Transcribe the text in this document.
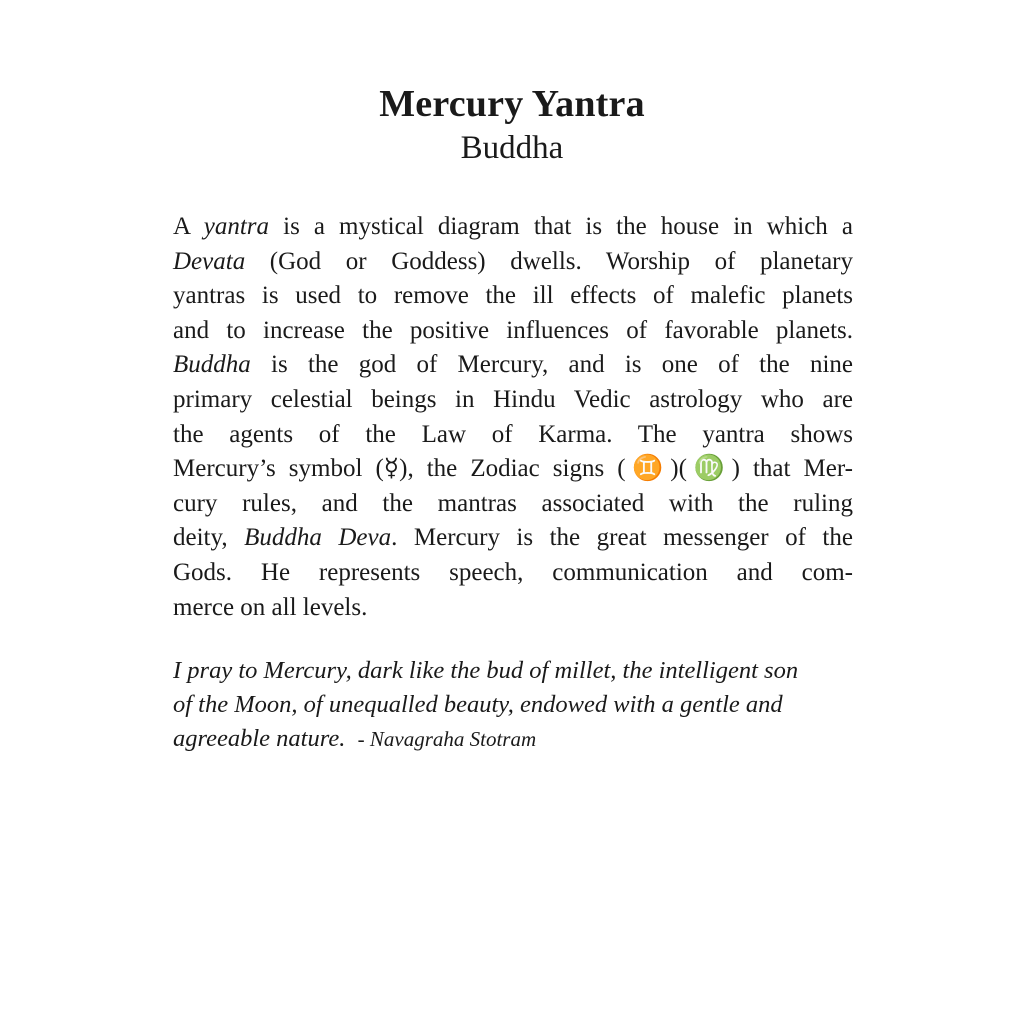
Mercury Yantra
Buddha
A yantra is a mystical diagram that is the house in which a
Devata (God or Goddess) dwells. Worship of planetary
yantras is used to remove the ill effects of malefic planets
and to increase the positive influences of favorable planets.
Buddha is the god of Mercury, and is one of the nine
primary celestial beings in Hindu Vedic astrology who are
the agents of the Law of Karma. The yantra shows
Mercury’s symbol (☿), the Zodiac signs (♊)(♍) that Mer-
cury rules, and the mantras associated with the ruling
deity, Buddha Deva. Mercury is the great messenger of the
Gods. He represents speech, communication and com-
merce on all levels.
I pray to Mercury, dark like the bud of millet, the intelligent son
of the Moon, of unequalled beauty, endowed with a gentle and
agreeable nature. - Navagraha Stotram
